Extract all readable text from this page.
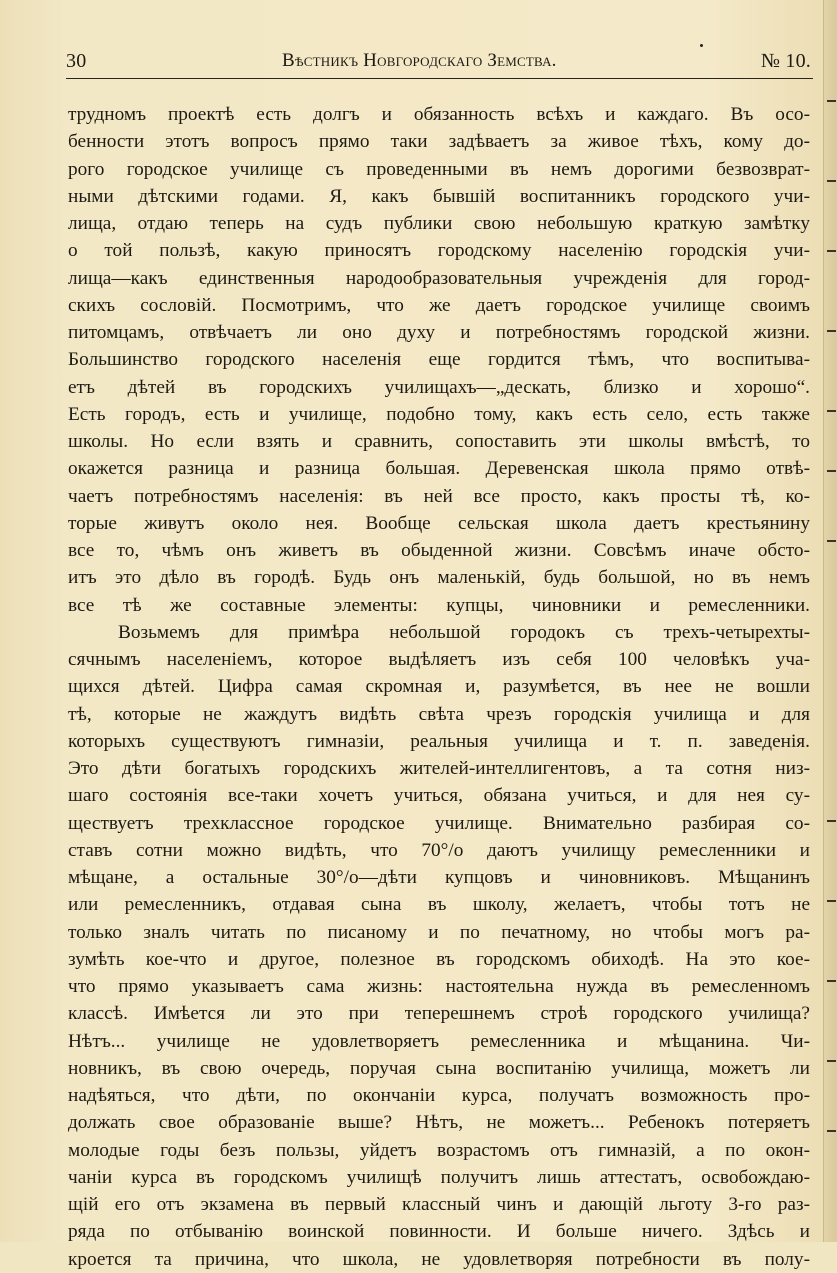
30	Вѣстникъ Новгородскаго Земства.	№ 10.
трудномъ проектѣ есть долгъ и обязанность всѣхъ и каждаго. Въ осо-
бенности этотъ вопросъ прямо таки задѣваетъ за живое тѣхъ, кому до-
рого городское училище съ проведенными въ немъ дорогими безвозврат-
ными дѣтскими годами. Я, какъ бывшій воспитанникъ городского учи-
лища, отдаю теперь на судъ публики свою небольшую краткую замѣтку
о той пользѣ, какую приносятъ городскому населенію городскія учи-
лища—какъ единственныя народообразовательныя учрежденія для город-
скихъ сословій. Посмотримъ, что же даетъ городское училище своимъ
питомцамъ, отвѣчаетъ ли оно духу и потребностямъ городской жизни.
Большинство городского населенія еще гордится тѣмъ, что воспитыва-
етъ дѣтей въ городскихъ училищахъ—„дескать, близко и хорошо“.
Есть городъ, есть и училище, подобно тому, какъ есть село, есть также
школы. Но если взять и сравнить, сопоставить эти школы вмѣстѣ, то
окажется разница и разница большая. Деревенская школа прямо отвѣ-
чаетъ потребностямъ населенія: въ ней все просто, какъ просты тѣ, ко-
торые живутъ около нея. Вообще сельская школа даетъ крестьянину
все то, чѣмъ онъ живетъ въ обыденной жизни. Совсѣмъ иначе обсто-
итъ это дѣло въ городѣ. Будь онъ маленькій, будь большой, но въ немъ
все тѣ же составные элементы: купцы, чиновники и ремесленники.
Возьмемъ для примѣра небольшой городокъ съ трехъ-четырехты-
сячнымъ населеніемъ, которое выдѣляетъ изъ себя 100 человѣкъ уча-
щихся дѣтей. Цифра самая скромная и, разумѣется, въ нее не вошли
тѣ, которые не жаждутъ видѣть свѣта чрезъ городскія училища и для
которыхъ существуютъ гимназіи, реальныя училища и т. п. заведенія.
Это дѣти богатыхъ городскихъ жителей-интеллигентовъ, а та сотня низ-
шаго состоянія все-таки хочетъ учиться, обязана учиться, и для нея су-
ществуетъ трехклассное городское училище. Внимательно разбирая со-
ставъ сотни можно видѣть, что 70°/о даютъ училищу ремесленники и
мѣщане, а остальные 30°/о—дѣти купцовъ и чиновниковъ. Мѣщанинъ
или ремесленникъ, отдавая сына въ школу, желаетъ, чтобы тотъ не
только зналъ читать по писаному и по печатному, но чтобы могъ ра-
зумѣть кое-что и другое, полезное въ городскомъ обиходѣ. На это кое-
что прямо указываетъ сама жизнь: настоятельна нужда въ ремесленномъ
классѣ. Имѣется ли это при теперешнемъ строѣ городского училища?
Нѣтъ... училище не удовлетворяетъ ремесленника и мѣщанина. Чи-
новникъ, въ свою очередь, поручая сына воспитанію училища, можетъ ли
надѣяться, что дѣти, по окончаніи курса, получатъ возможность про-
должать свое образованіе выше? Нѣтъ, не можетъ... Ребенокъ потеряетъ
молодые годы безъ пользы, уйдетъ возрастомъ отъ гимназій, а по окон-
чаніи курса въ городскомъ училищѣ получитъ лишь аттестатъ, освобождаю-
щій его отъ экзамена въ первый классный чинъ и дающій льготу 3-го раз-
ряда по отбыванію воинской повинности. И больше ничего. Здѣсь и
кроется та причина, что школа, не удовлетворяя потребности въ полу-
